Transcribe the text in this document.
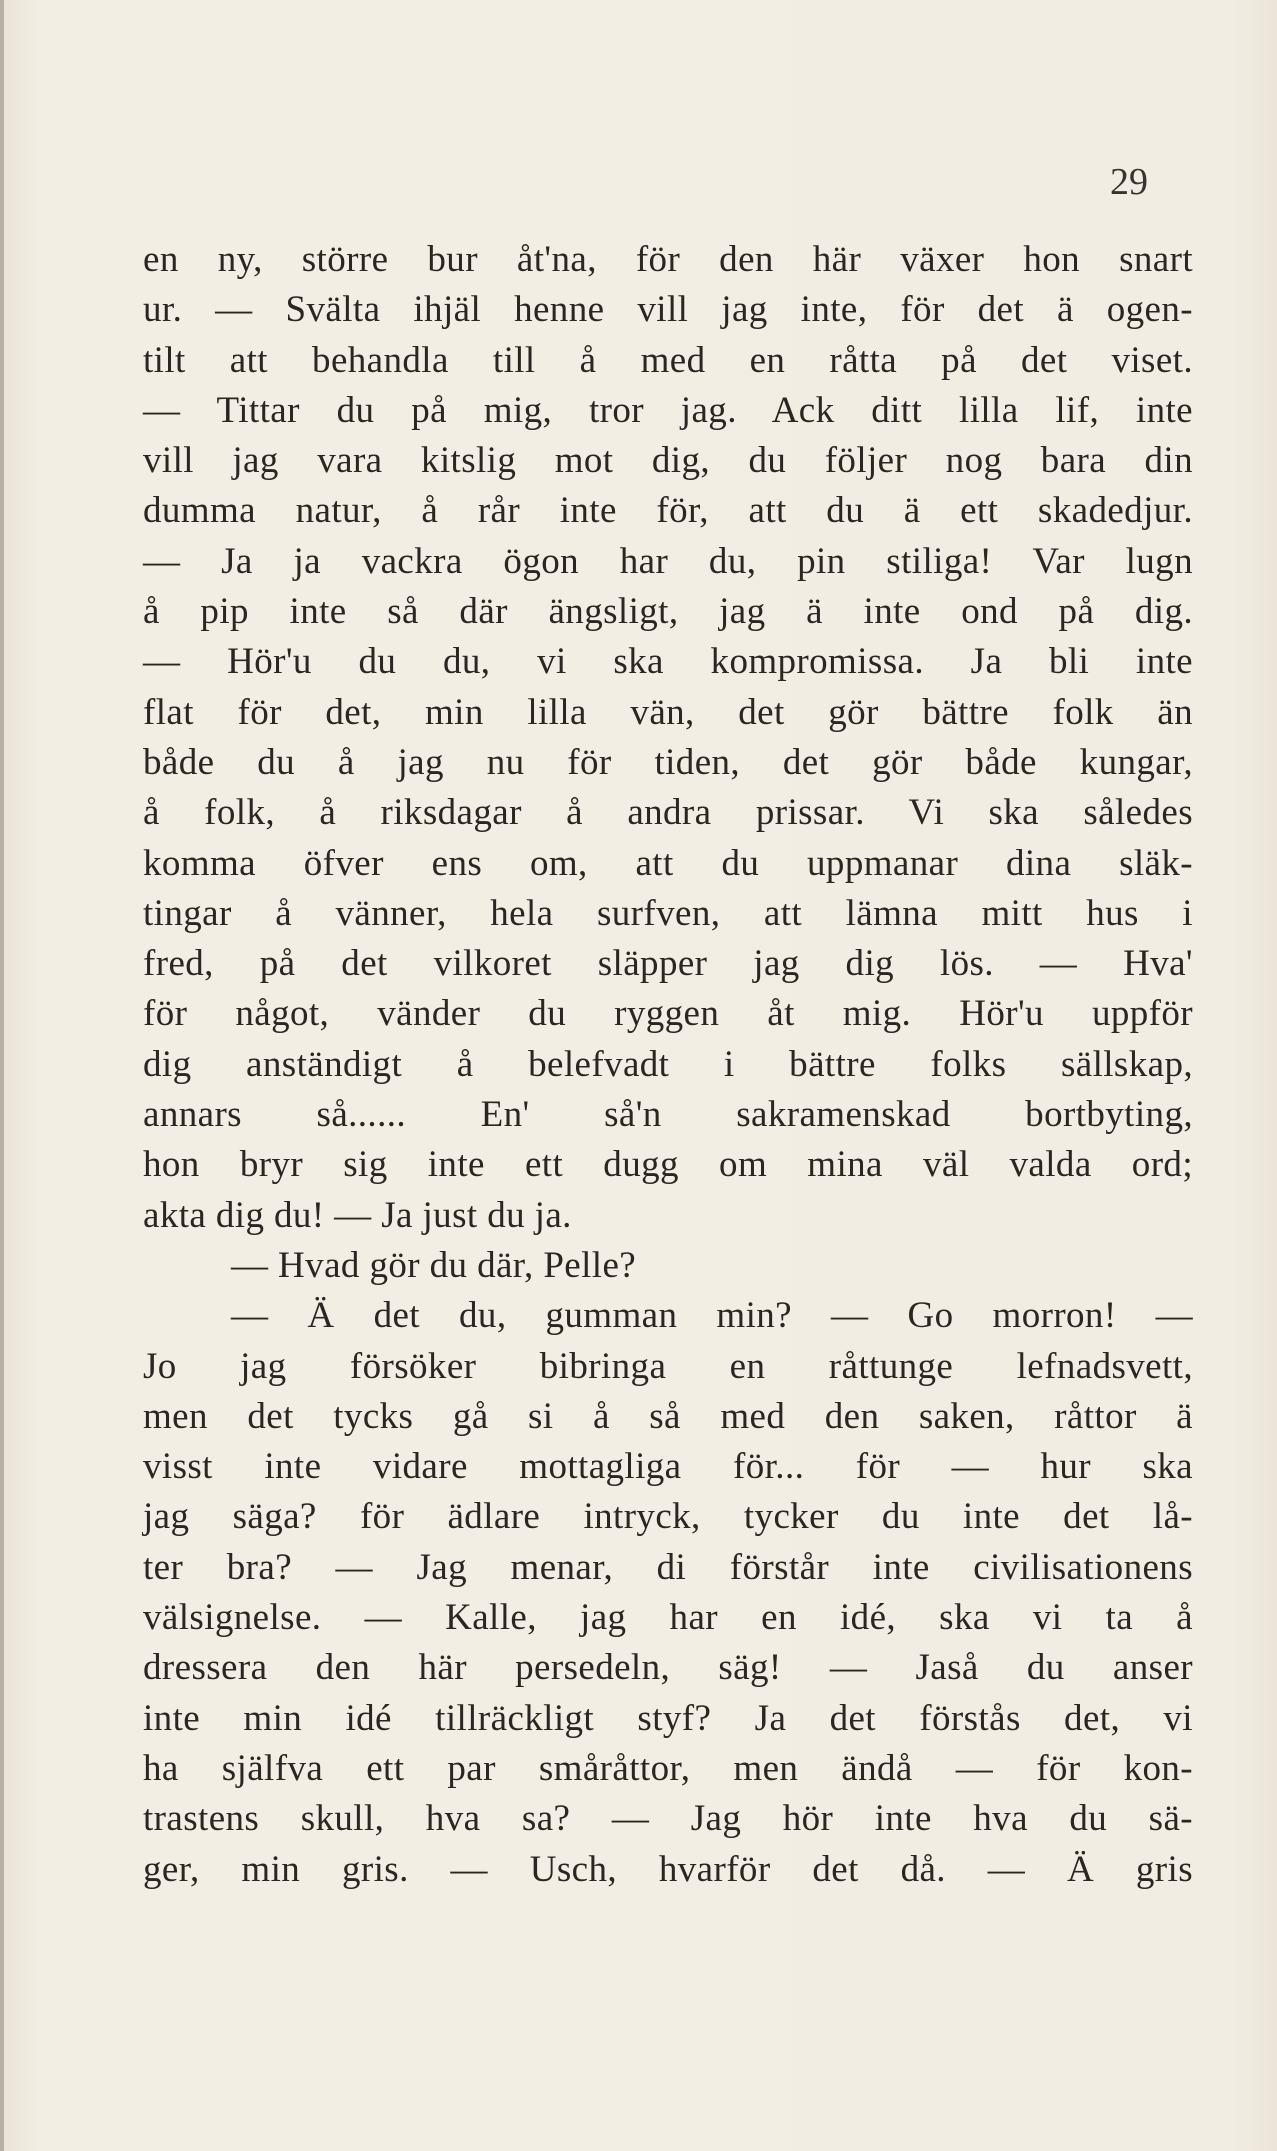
29
en ny, större bur åt'na, för den här växer hon snart
ur. — Svälta ihjäl henne vill jag inte, för det ä ogen-
tilt att behandla till å med en råtta på det viset.
— Tittar du på mig, tror jag. Ack ditt lilla lif, inte
vill jag vara kitslig mot dig, du följer nog bara din
dumma natur, å rår inte för, att du ä ett skadedjur.
— Ja ja vackra ögon har du, pin stiliga! Var lugn
å pip inte så där ängsligt, jag ä inte ond på dig.
— Hör'u du du, vi ska kompromissa. Ja bli inte
flat för det, min lilla vän, det gör bättre folk än
både du å jag nu för tiden, det gör både kungar,
å folk, å riksdagar å andra prissar. Vi ska således
komma öfver ens om, att du uppmanar dina släk-
tingar å vänner, hela surfven, att lämna mitt hus i
fred, på det vilkoret släpper jag dig lös. — Hva'
för något, vänder du ryggen åt mig. Hör'u uppför
dig anständigt å belefvadt i bättre folks sällskap,
annars så...... En' så'n sakramenskad bortbyting,
hon bryr sig inte ett dugg om mina väl valda ord;
akta dig du! — Ja just du ja.
— Hvad gör du där, Pelle?
— Ä det du, gumman min? — Go morron! —
Jo jag försöker bibringa en råttunge lefnadsvett,
men det tycks gå si å så med den saken, råttor ä
visst inte vidare mottagliga för... för — hur ska
jag säga? för ädlare intryck, tycker du inte det lå-
ter bra? — Jag menar, di förstår inte civilisationens
välsignelse. — Kalle, jag har en idé, ska vi ta å
dressera den här persedeln, säg! — Jaså du anser
inte min idé tillräckligt styf? Ja det förstås det, vi
ha själfva ett par småråttor, men ändå — för kon-
trastens skull, hva sa? — Jag hör inte hva du sä-
ger, min gris. — Usch, hvarför det då. — Ä gris
